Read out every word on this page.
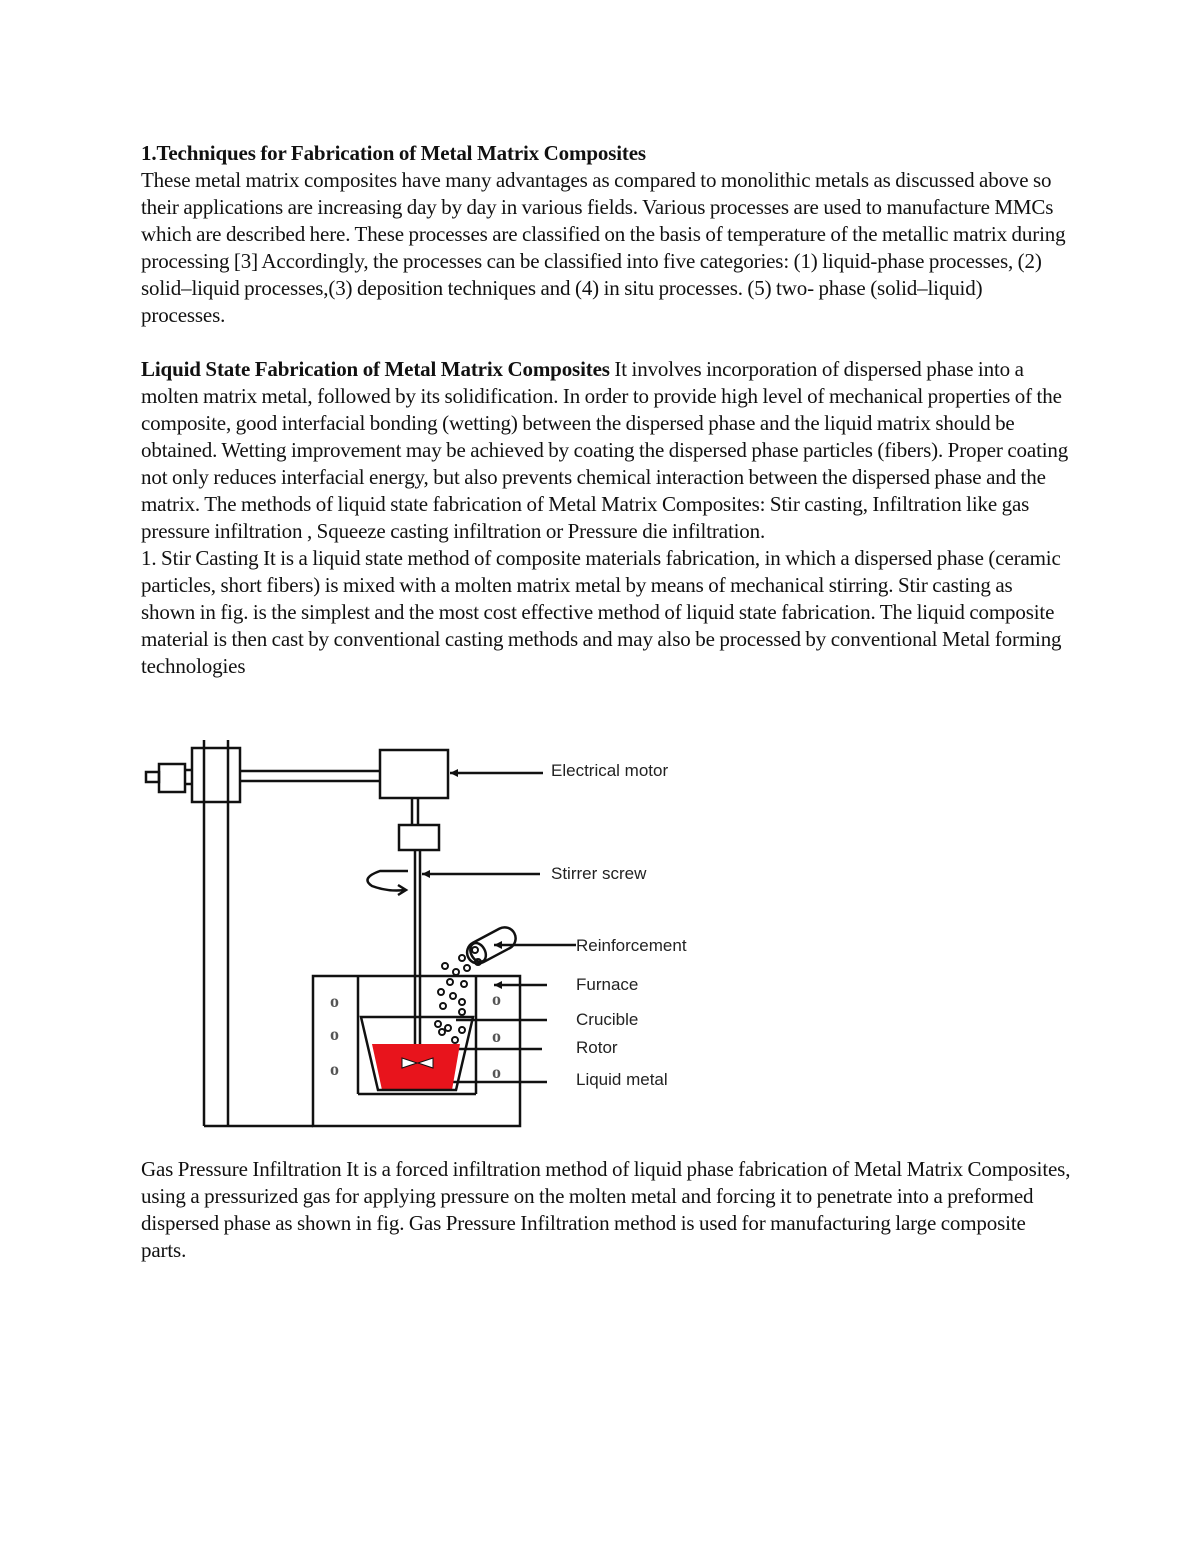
1.Techniques for Fabrication of Metal Matrix Composites
These metal matrix composites have many advantages as compared to monolithic metals as discussed above so their applications are increasing day by day in various fields. Various processes are used to manufacture MMCs which are described here. These processes are classified on the basis of temperature of the metallic matrix during processing [3] Accordingly, the processes can be classified into five categories: (1) liquid-phase processes, (2) solid–liquid processes,(3) deposition techniques and (4) in situ processes. (5) two- phase (solid–liquid) processes.

Liquid State Fabrication of Metal Matrix Composites It involves incorporation of dispersed phase into a molten matrix metal, followed by its solidification. In order to provide high level of mechanical properties of the composite, good interfacial bonding (wetting) between the dispersed phase and the liquid matrix should be obtained. Wetting improvement may be achieved by coating the dispersed phase particles (fibers). Proper coating not only reduces interfacial energy, but also prevents chemical interaction between the dispersed phase and the matrix. The methods of liquid state fabrication of Metal Matrix Composites: Stir casting, Infiltration like gas pressure infiltration , Squeeze casting infiltration or Pressure die infiltration.

1. Stir Casting It is a liquid state method of composite materials fabrication, in which a dispersed phase (ceramic particles, short fibers) is mixed with a molten matrix metal by means of mechanical stirring. Stir casting as shown in fig. is the simplest and the most cost effective method of liquid state fabrication. The liquid composite material is then cast by conventional casting methods and may also be processed by conventional Metal forming technologies

o
o
o
o
o
o
Electrical motor
Stirrer screw
Reinforcement
Furnace
Crucible
Rotor
Liquid metal

Gas Pressure Infiltration It is a forced infiltration method of liquid phase fabrication of Metal Matrix Composites, using a pressurized gas for applying pressure on the molten metal and forcing it to penetrate into a preformed dispersed phase as shown in fig. Gas Pressure Infiltration method is used for manufacturing large composite parts.
